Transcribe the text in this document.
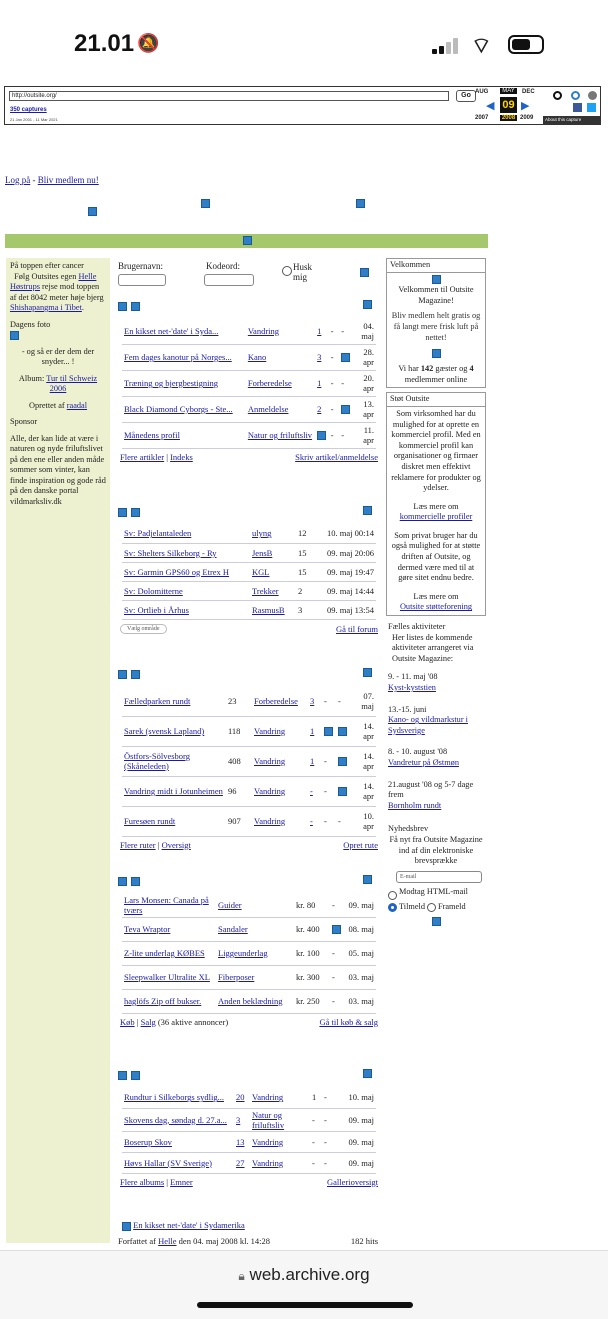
21.01 🔕	⌔
http://outsite.org/	Go
350 captures
21 Jan 2001 - 11 Mar 2021
AUG	MAY	DEC
◀ 09 ▶
2007	2008 2009	About this capture
Log på - Bliv medlem nu!

På toppen efter cancer
Følg Outsites egen Helle Høstrups rejse mod toppen af det 8042 meter høje bjerg Shishapangma i Tibet.

Dagens foto

- og så er der dem der snyder... !

Album: Tur til Schweiz 2006

Oprettet af raadal

Sponsor

Alle, der kan lide at være i naturen og nyde friluftslivet på den ene eller anden måde sommer som vinter, kan finde inspiration og gode råd på den danske portal vildmarksliv.dk

Brugernavn:	Kodeord:	Husk mig
En kikset net-'date' i Syda...	Vandring	1	-	-	04. maj
Fem dages kanotur på Norges...	Kano	3	-		28. apr
Træning og bjergbestigning	Forberedelse	1	-	-	20. apr
Black Diamond Cyborgs - Ste...	Anmeldelse	2	-		13. apr
Månedens profil	Natur og friluftsliv		-	-	11. apr
Flere artikler | Indeks	Skriv artikel/anmeldelse
Sv: Padjelantaleden	ulyng	12	10. maj 00:14
Sv: Shelters Silkeborg - Ry	JensB	15	09. maj 20:06
Sv: Garmin GPS60 og Etrex H	KGL	15	09. maj 19:47
Sv: Dolomitterne	Trekker	2	09. maj 14:44
Sv: Ortlieb i Århus	RasmusB	3	09. maj 13:54
Vælg område	Gå til forum
Fælledparken rundt	23	Forberedelse	3	-	-	07. maj
Sarek (svensk Lapland)	118	Vandring	1			14. apr
Östfors-Sölvesborg (Skåneleden)	408	Vandring	1	-		14. apr
Vandring midt i Jotunheimen	96	Vandring	-	-		14. apr
Furesøen rundt	907	Vandring	-	-	-	10. apr
Flere ruter | Oversigt	Opret rute
Lars Monsen: Canada på tværs	Guider	kr. 80	-	09. maj
Teva Wraptor	Sandaler	kr. 400		08. maj
Z-lite underlag KØBES	Liggeunderlag	kr. 100	-	05. maj
Sleepwalker Ultralite XL	Fiberposer	kr. 300	-	03. maj
haglöfs Zip off bukser.	Anden beklædning	kr. 250	-	03. maj
Køb | Salg (36 aktive annoncer)	Gå til køb & salg
Rundtur i Silkeborgs sydlig...	20	Vandring	1	-	10. maj
Skovens dag, søndag d. 27.a...	3	Natur og friluftsliv	-	-	09. maj
Boserup Skov	13	Vandring	-	-	09. maj
Høvs Hallar (SV Sverige)	27	Vandring	-	-	09. maj
Flere albums | Emner	Gallerioversigt
En kikset net-'date' i Sydamerika
Forfattet af Helle den 04. maj 2008 kl. 14:28	182 hits
Velkommen

Velkommen til Outsite Magazine!

Bliv medlem helt gratis og få langt mere frisk luft på nettet!

Vi har 142 gæster og 4 medlemmer online

Støt Outsite

Som virksomhed har du mulighed for at oprette en kommerciel profil. Med en kommerciel profil kan organisationer og firmaer diskret men effektivt reklamere for produkter og ydelser.

Læs mere om
kommercielle profiler

Som privat bruger har du også mulighed for at støtte driften af Outsite, og dermed være med til at gøre sitet endnu bedre.

Læs mere om
Outsite støtteforening

Fælles aktiviteter

Her listes de kommende aktiviteter arrangeret via Outsite Magazine:

9. - 11. maj '08
Kyst-kyststien
13.-15. juni
Kano- og vildmarkstur i Sydsverige
8. - 10. august '08
Vandretur på Østmøn
21.august '08 og 5-7 dage frem
Bornholm rundt

Nyhedsbrev

Få nyt fra Outsite Magazine ind af din elektroniske brevsprække

E-mail
Modtag HTML-mail
Tilmeld Frameld
🔒︎ web.archive.org
